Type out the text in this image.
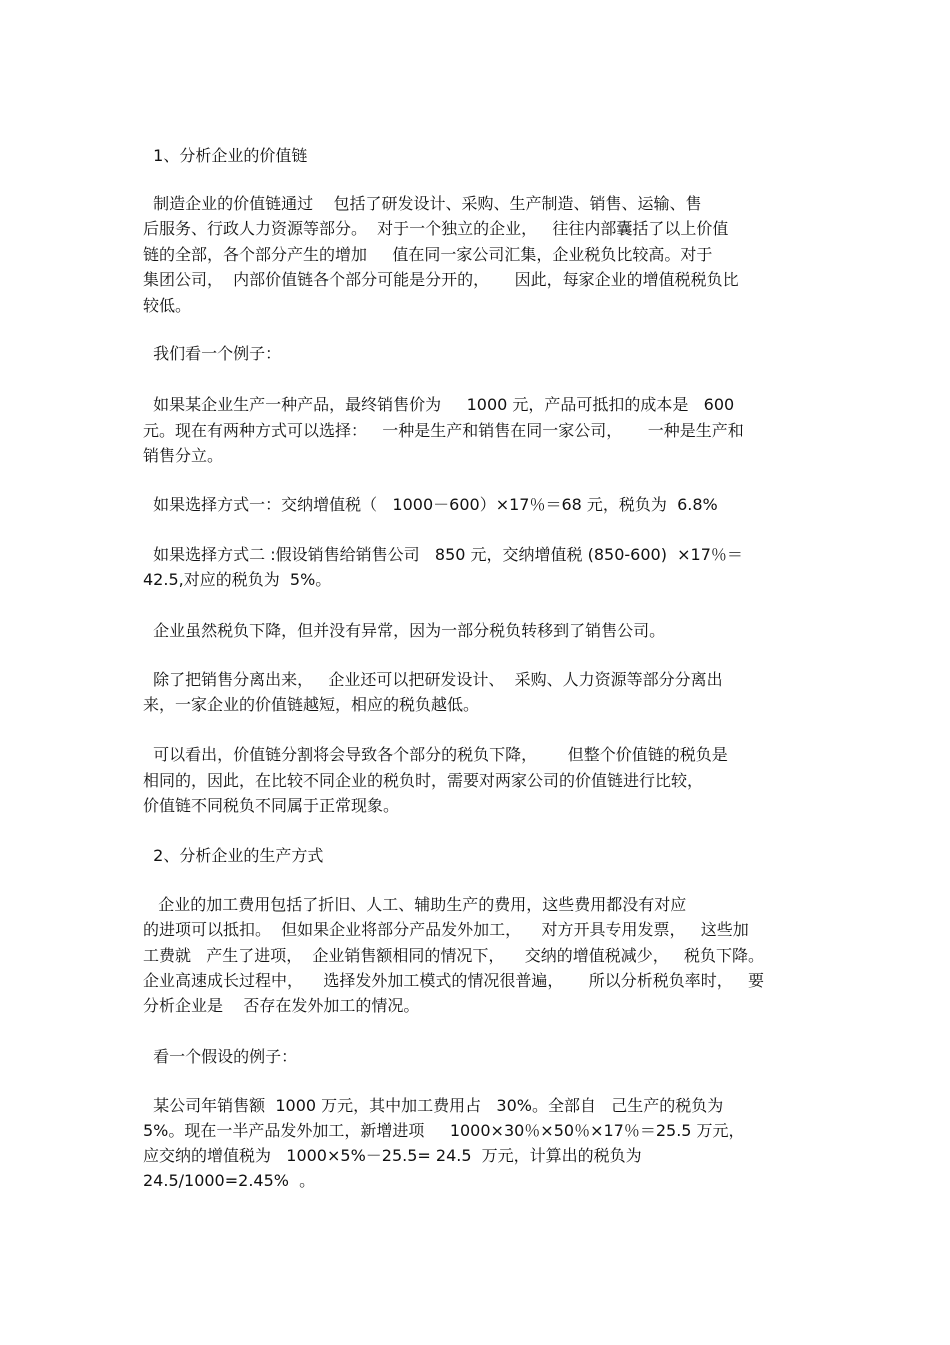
1、分析企业的价值链
制造企业的价值链通过    包括了研发设计、采购、生产制造、销售、运输、售
后服务、行政人力资源等部分。  对于一个独立的企业，   往往内部囊括了以上价值
链的全部，各个部分产生的增加     值在同一家公司汇集，企业税负比较高。对于
集团公司，  内部价值链各个部分可能是分开的，     因此，每家企业的增值税税负比
较低。
我们看一个例子：
如果某企业生产一种产品，最终销售价为     1000 元，产品可抵扣的成本是   600
元。现在有两种方式可以选择：   一种是生产和销售在同一家公司，     一种是生产和
销售分立。
如果选择方式一：交纳增值税（   1000－600）×17％＝68 元，税负为  6.8%
如果选择方式二 :假设销售给销售公司   850 元，交纳增值税 (850-600)  ×17％＝
42.5,对应的税负为  5%。
企业虽然税负下降，但并没有异常，因为一部分税负转移到了销售公司。
除了把销售分离出来，   企业还可以把研发设计、  采购、人力资源等部分分离出
来，一家企业的价值链越短，相应的税负越低。
可以看出，价值链分割将会导致各个部分的税负下降，      但整个价值链的税负是
相同的，因此，在比较不同企业的税负时，需要对两家公司的价值链进行比较，
价值链不同税负不同属于正常现象。
2、分析企业的生产方式
企业的加工费用包括了折旧、人工、辅助生产的费用，这些费用都没有对应
的进项可以抵扣。  但如果企业将部分产品发外加工，    对方开具专用发票，   这些加
工费就   产生了进项，  企业销售额相同的情况下，    交纳的增值税减少，   税负下降。
企业高速成长过程中，    选择发外加工模式的情况很普遍，     所以分析税负率时，   要
分析企业是    否存在发外加工的情况。
看一个假设的例子：
某公司年销售额  1000 万元，其中加工费用占   30%。全部自   己生产的税负为
5%。现在一半产品发外加工，新增进项     1000×30％×50％×17％＝25.5 万元，
应交纳的增值税为   1000×5%－25.5= 24.5  万元，计算出的税负为
24.5/1000=2.45%  。
